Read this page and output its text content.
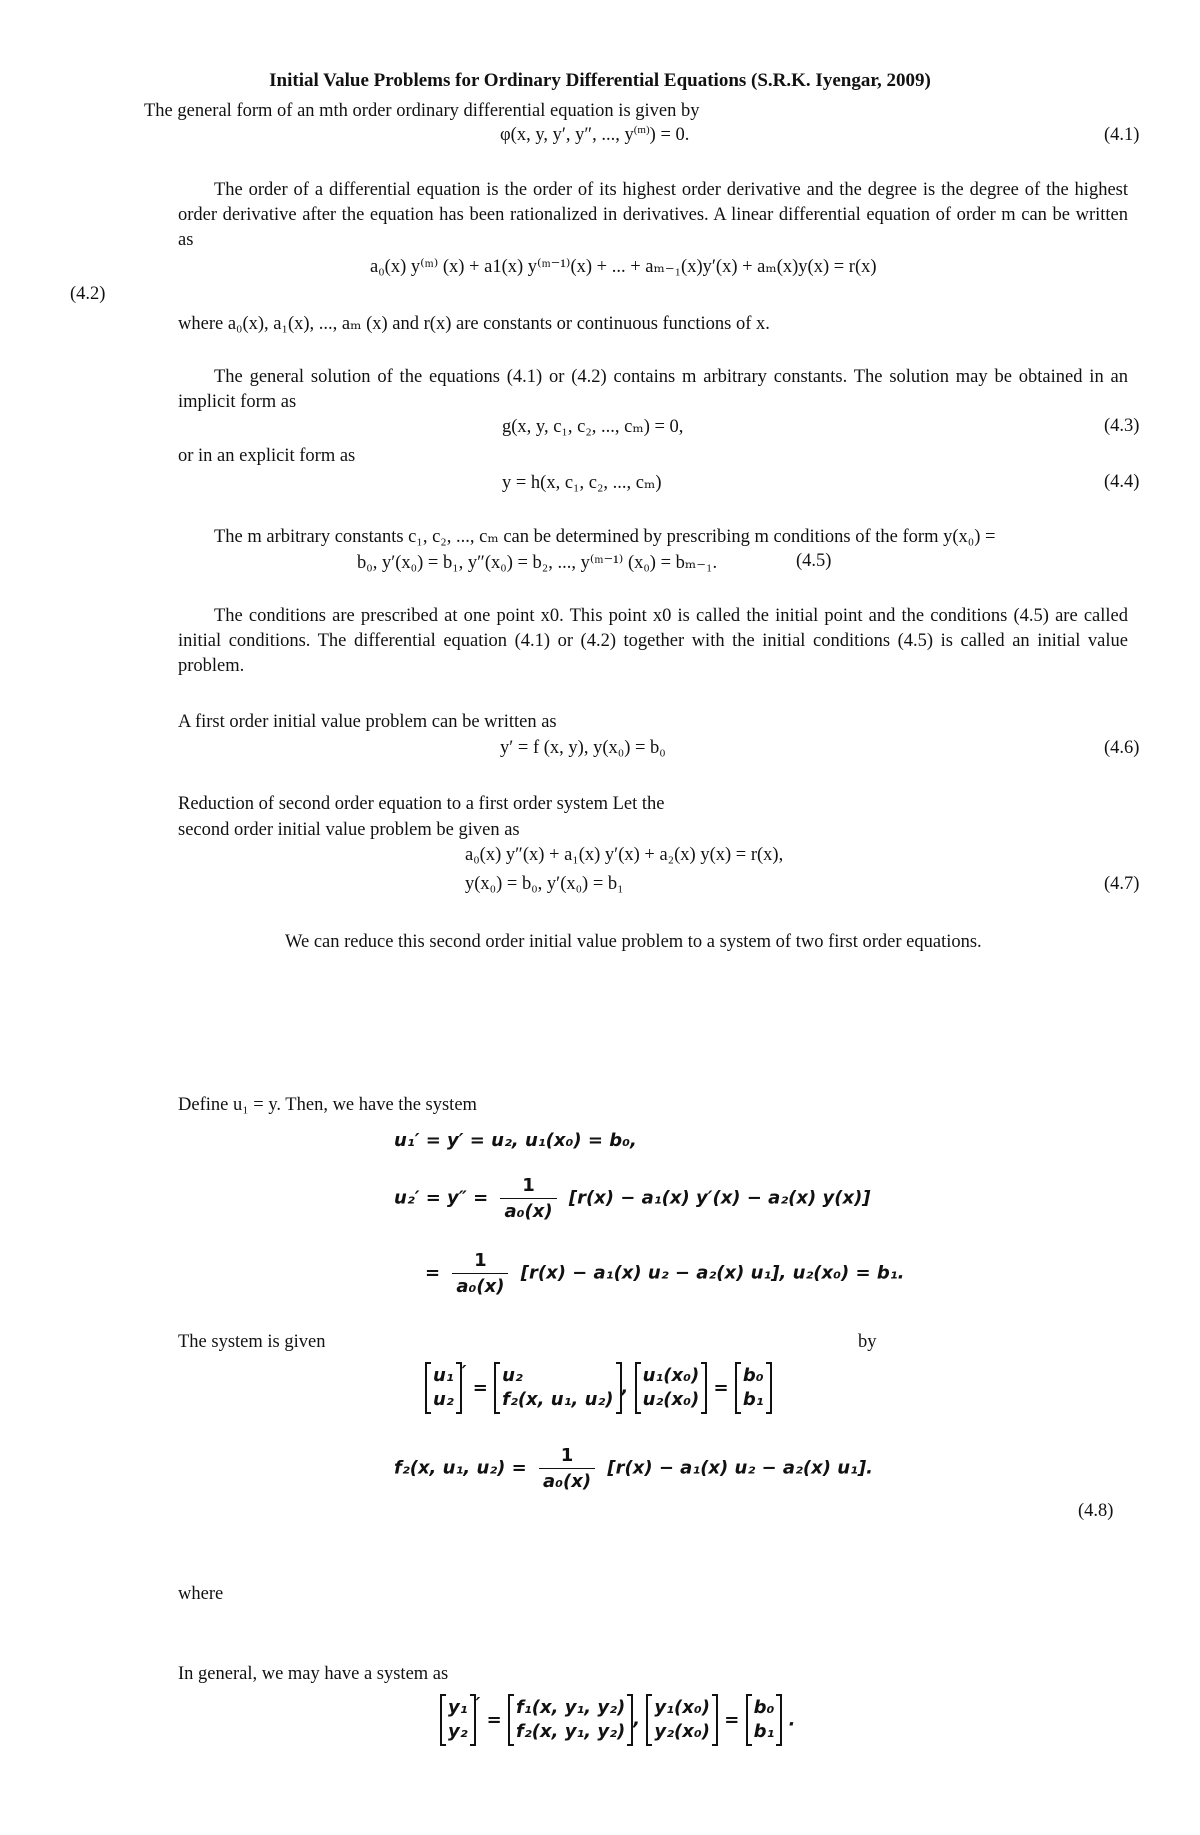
Initial Value Problems for Ordinary Differential Equations (S.R.K. Iyengar, 2009)
The general form of an mth order ordinary differential equation is given by
φ(x, y, y′, y″, ..., $y^{(m)}) = 0$.	(4.1)
The order of a differential equation is the order of its highest order derivative and the degree is the degree of the highest order derivative after the equation has been rationalized in derivatives. A linear differential equation of order m can be written as
a₀(x) y⁽ᵐ⁾ (x) + a1(x) y⁽ᵐ⁻¹⁾(x) + ... + aₘ₋₁(x)y′(x) + aₘ(x)y(x) = r(x)
(4.2)
where a₀(x), a₁(x), ..., aₘ (x) and r(x) are constants or continuous functions of x.
The general solution of the equations (4.1) or (4.2) contains m arbitrary constants. The solution may be obtained in an implicit form as
g(x, y, c₁, c₂, ..., cₘ) = 0,	(4.3)
or in an explicit form as
y = h(x, c₁, c₂, ..., cₘ)	(4.4)
The m arbitrary constants c₁, c₂, ..., cₘ can be determined by prescribing m conditions of the form y(x₀) =
b₀, y′(x₀) = b₁, y″(x₀) = b₂, ..., y⁽ᵐ⁻¹⁾ (x₀) = bₘ₋₁.	(4.5)
The conditions are prescribed at one point x0. This point x0 is called the initial point and the conditions (4.5) are called initial conditions. The differential equation (4.1) or (4.2) together with the initial conditions (4.5) is called an initial value problem.
A first order initial value problem can be written as
y′ = f (x, y), y(x₀) = b₀	(4.6)
Reduction of second order equation to a first order system Let the
second order initial value problem be given as
a₀(x) y″(x) + a₁(x) y′(x) + a₂(x) y(x) = r(x),
y(x₀) = b₀, y′(x₀) = b₁	(4.7)
We can reduce this second order initial value problem to a system of two first order equations.
Define u₁ = y. Then, we have the system
u₁′ = y′ = u₂, u₁(x₀) = b₀,
$u_2' = y'' = \frac{1}{\text{a₀(x)}} [r(x) - a_1(x) y'(x) - a_2(x)$ y(x)]
= $\frac{1}{\text{a₀(x)}} [r(x) - a_1(x) u_2 - a_2(x)$ u₁], u₂(x₀) = b₁.
The system is given	by
u₁
u₂
′ =
u₂
f₂(x, u₁, u₂)
,
u₁(x₀)
u₂(x₀)
=
b₀
b₁
f₂(x, u₁, $u_2) = \frac{1}{\text{a₀(x)}} [r(x) - a_1(x) u_2 - a_2(x)$ u₁].
(4.8)
where
In general, we may have a system as
y₁
y₂
′ =
f₁(x, y₁, y₂)
f₂(x, y₁, y₂)
,
y₁(x₀)
y₂(x₀)
=
b₀
b₁
.
